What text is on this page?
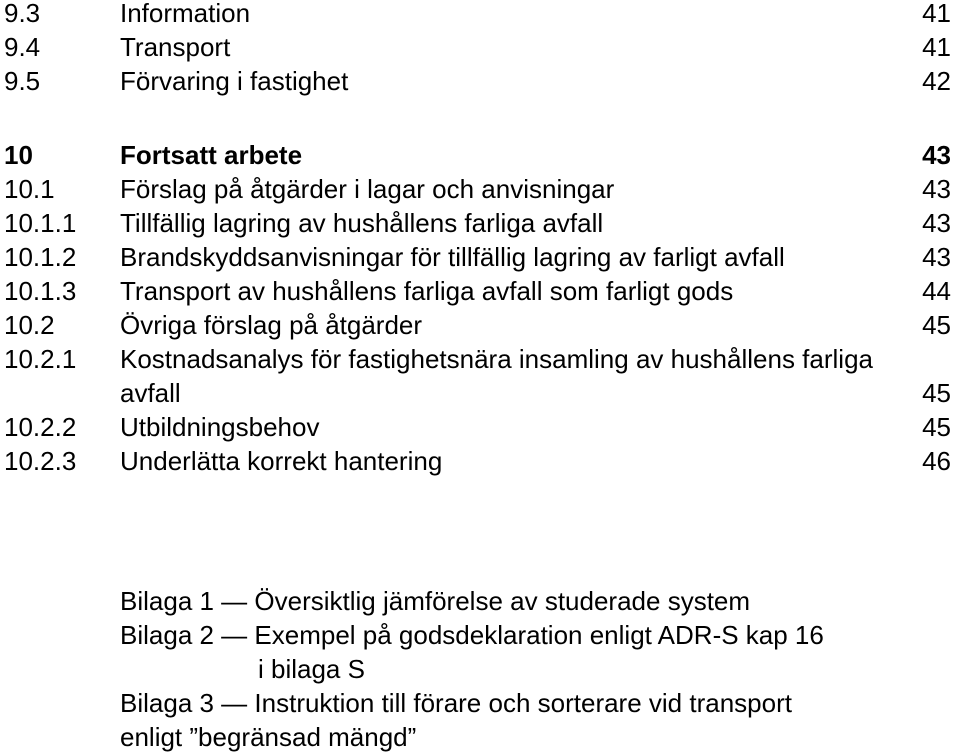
9.3	Information	41
9.4	Transport	41
9.5	Förvaring i fastighet	42
10	Fortsatt arbete	43
10.1	Förslag på åtgärder i lagar och anvisningar	43
10.1.1 Tillfällig lagring av hushållens farliga avfall	43
10.1.2 Brandskyddsanvisningar för tillfällig lagring av farligt avfall	43
10.1.3 Transport av hushållens farliga avfall som farligt gods	44
10.2	Övriga förslag på åtgärder	45
10.2.1 Kostnadsanalys för fastighetsnära insamling av hushållens farliga avfall	45
10.2.2 Utbildningsbehov	45
10.2.3 Underlätta korrekt hantering	46
Bilaga 1 — Översiktlig jämförelse av studerade system
Bilaga 2 — Exempel på godsdeklaration enligt ADR-S kap 16
i bilaga S
Bilaga 3 — Instruktion till förare och sorterare vid transport
enligt ”begränsad mängd”
